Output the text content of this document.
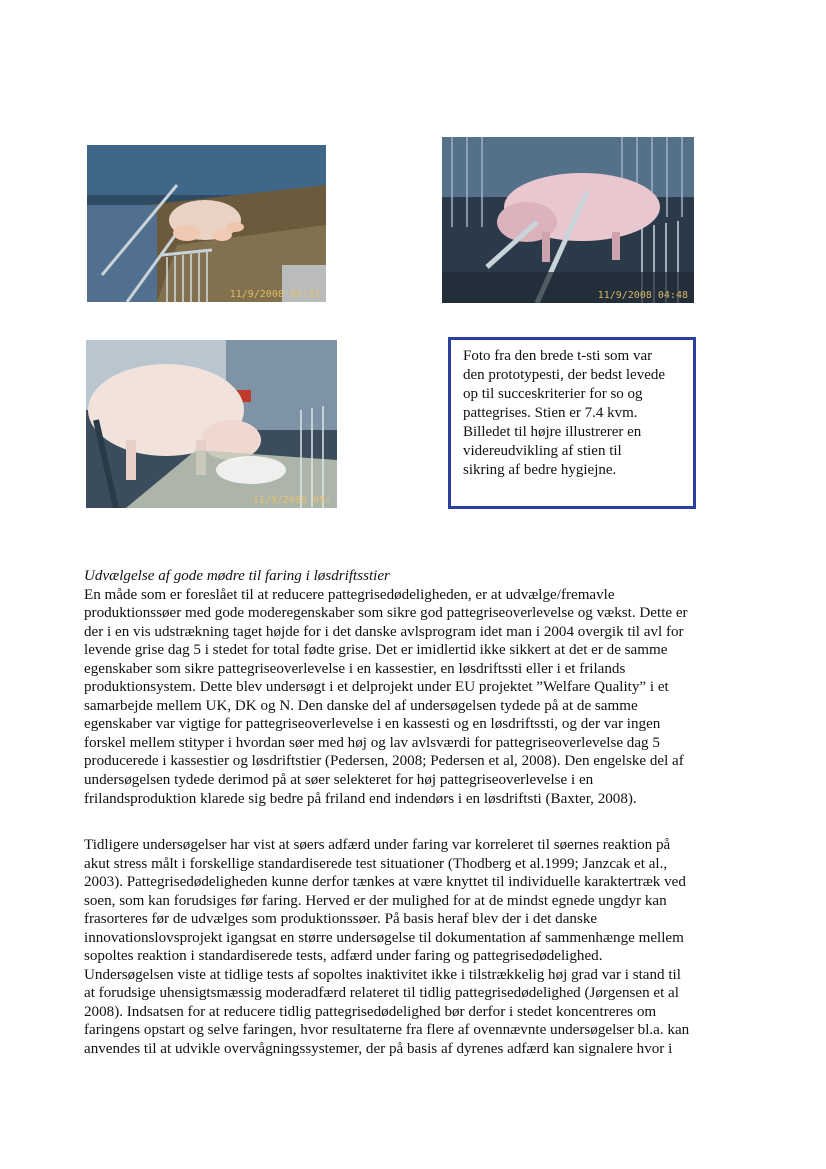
11/9/2008 05:33	11/9/2008 04:48
11/9/2008 05:
Foto fra den brede t-sti som var
den prototypesti, der bedst levede
op til succeskriterier for so og
pattegrises. Stien er 7.4 kvm.
Billedet til højre illustrerer en
videreudvikling af stien til
sikring af bedre hygiejne.
Udvælgelse af gode mødre til faring i løsdriftsstier
En måde som er foreslået til at reducere pattegrisedødeligheden, er at udvælge/fremavle
produktionssøer med gode moderegenskaber som sikre god pattegriseoverlevelse og vækst. Dette er
der i en vis udstrækning taget højde for i det danske avlsprogram idet man i 2004 overgik til avl for
levende grise dag 5 i stedet for total fødte grise. Det er imidlertid ikke sikkert at det er de samme
egenskaber som sikre pattegriseoverlevelse i en kassestier, en løsdriftssti eller i et frilands
produktionsystem. Dette blev undersøgt i et delprojekt under EU projektet ”Welfare Quality” i et
samarbejde mellem UK, DK og N. Den danske del af undersøgelsen tydede på at de samme
egenskaber var vigtige for pattegriseoverlevelse i en kassesti og en løsdriftssti, og der var ingen
forskel mellem stityper i hvordan søer med høj og lav avlsværdi for pattegriseoverlevelse dag 5
producerede i kassestier og løsdriftstier (Pedersen, 2008; Pedersen et al, 2008). Den engelske del af
undersøgelsen tydede derimod på at søer selekteret for høj pattegriseoverlevelse i en
frilandsproduktion klarede sig bedre på friland end indendørs i en løsdriftsti (Baxter, 2008).
Tidligere undersøgelser har vist at søers adfærd under faring var korreleret til søernes reaktion på
akut stress målt i forskellige standardiserede test situationer (Thodberg et al.1999; Janzcak et al.,
2003). Pattegrisedødeligheden kunne derfor tænkes at være knyttet til individuelle karaktertræk ved
soen, som kan forudsiges før faring. Herved er der mulighed for at de mindst egnede ungdyr kan
frasorteres før de udvælges som produktionssøer. På basis heraf blev der i det danske
innovationslovsprojekt igangsat en større undersøgelse til dokumentation af sammenhænge mellem
sopoltes reaktion i standardiserede tests, adfærd under faring og pattegrisedødelighed.
Undersøgelsen viste at tidlige tests af sopoltes inaktivitet ikke i tilstrækkelig høj grad var i stand til
at forudsige uhensigtsmæssig moderadfærd relateret til tidlig pattegrisedødelighed (Jørgensen et al
2008). Indsatsen for at reducere tidlig pattegrisedødelighed bør derfor i stedet koncentreres om
faringens opstart og selve faringen, hvor resultaterne fra flere af ovennævnte undersøgelser bl.a. kan
anvendes til at udvikle overvågningssystemer, der på basis af dyrenes adfærd kan signalere hvor i
